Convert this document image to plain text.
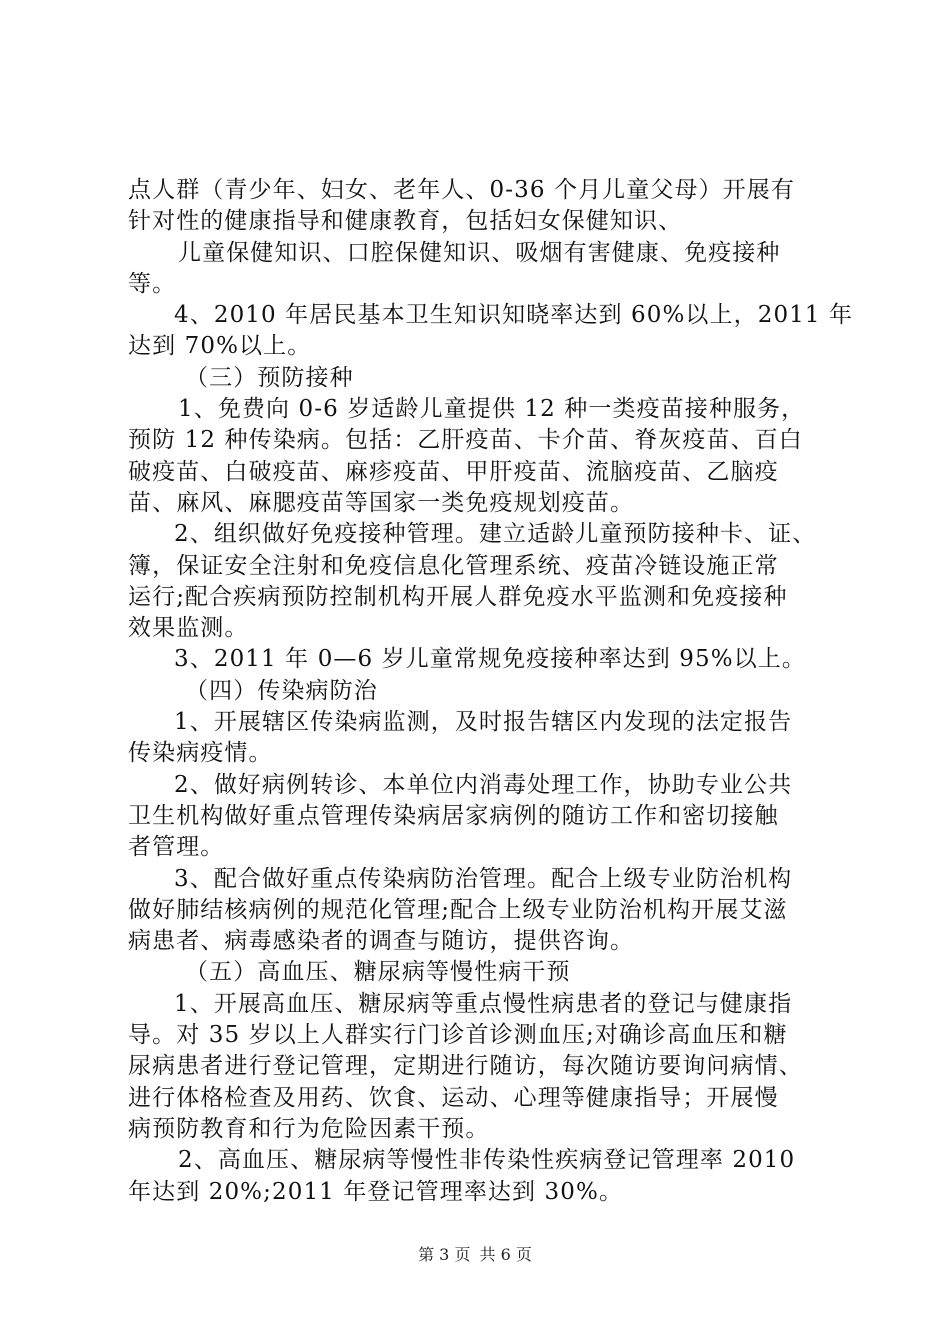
点人群（青少年、妇女、老年人、0-36 个月儿童父母）开展有
针对性的健康指导和健康教育，包括妇女保健知识、
儿童保健知识、口腔保健知识、吸烟有害健康、免疫接种
等。
4、2010 年居民基本卫生知识知晓率达到 60%以上，2011 年
达到 70%以上。
（三）预防接种
1、免费向 0-6 岁适龄儿童提供 12 种一类疫苗接种服务，
预防 12 种传染病。包括：乙肝疫苗、卡介苗、脊灰疫苗、百白
破疫苗、白破疫苗、麻疹疫苗、甲肝疫苗、流脑疫苗、乙脑疫
苗、麻风、麻腮疫苗等国家一类免疫规划疫苗。
2、组织做好免疫接种管理。建立适龄儿童预防接种卡、证、
簿，保证安全注射和免疫信息化管理系统、疫苗冷链设施正常
运行;配合疾病预防控制机构开展人群免疫水平监测和免疫接种
效果监测。
3、2011 年 0—6 岁儿童常规免疫接种率达到 95%以上。
（四）传染病防治
1、开展辖区传染病监测，及时报告辖区内发现的法定报告
传染病疫情。
2、做好病例转诊、本单位内消毒处理工作，协助专业公共
卫生机构做好重点管理传染病居家病例的随访工作和密切接触
者管理。
3、配合做好重点传染病防治管理。配合上级专业防治机构
做好肺结核病例的规范化管理;配合上级专业防治机构开展艾滋
病患者、病毒感染者的调查与随访，提供咨询。
（五）高血压、糖尿病等慢性病干预
1、开展高血压、糖尿病等重点慢性病患者的登记与健康指
导。对 35 岁以上人群实行门诊首诊测血压;对确诊高血压和糖
尿病患者进行登记管理，定期进行随访，每次随访要询问病情、
进行体格检查及用药、饮食、运动、心理等健康指导；开展慢
病预防教育和行为危险因素干预。
2、高血压、糖尿病等慢性非传染性疾病登记管理率 2010
年达到 20%;2011 年登记管理率达到 30%。
第 3 页 共 6 页
